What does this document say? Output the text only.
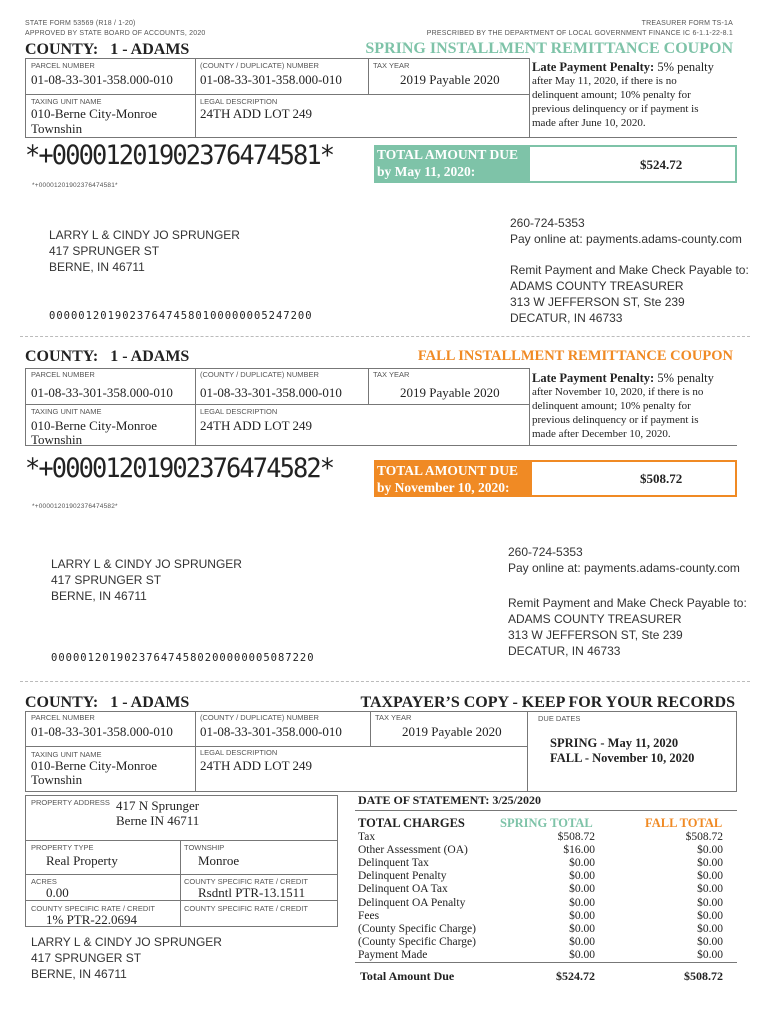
STATE FORM 53569 (R18 / 1-20)
APPROVED BY STATE BOARD OF ACCOUNTS, 2020
TREASURER FORM TS-1A
PRESCRIBED BY THE DEPARTMENT OF LOCAL GOVERNMENT FINANCE IC 6-1.1-22-8.1
COUNTY: 1 - ADAMS	SPRING INSTALLMENT REMITTANCE COUPON
PARCEL NUMBER	(COUNTY / DUPLICATE) NUMBER	TAX YEAR
01-08-33-301-358.000-010 01-08-33-301-358.000-010	2019 Payable 2020
TAXING UNIT NAME	LEGAL DESCRIPTION
010-Berne City-Monroe
Townshin
24TH ADD LOT 249
Late Payment Penalty: 5% penalty
after May 11, 2020, if there is no
delinquent amount; 10% penalty for
previous delinquency or if payment is
made after June 10, 2020.
*+00001201902376474581*
*+00001201902376474581*
TOTAL AMOUNT DUE
by May 11, 2020:	$524.72
LARRY L & CINDY JO SPRUNGER
417 SPRUNGER ST
BERNE, IN 46711
260-724-5353
Pay online at: payments.adams-county.com
Remit Payment and Make Check Payable to:
ADAMS COUNTY TREASURER
313 W JEFFERSON ST, Ste 239
DECATUR, IN 46733
000001201902376474580100000005247200
COUNTY: 1 - ADAMS	FALL INSTALLMENT REMITTANCE COUPON
PARCEL NUMBER	(COUNTY / DUPLICATE) NUMBER	TAX YEAR
01-08-33-301-358.000-010 01-08-33-301-358.000-010	2019 Payable 2020
TAXING UNIT NAME	LEGAL DESCRIPTION
010-Berne City-Monroe
Townshin
24TH ADD LOT 249
Late Payment Penalty: 5% penalty
after November 10, 2020, if there is no
delinquent amount; 10% penalty for
previous delinquency or if payment is
made after December 10, 2020.
*+00001201902376474582*
*+00001201902376474582*
TOTAL AMOUNT DUE
by November 10, 2020:
$508.72
LARRY L & CINDY JO SPRUNGER
417 SPRUNGER ST
BERNE, IN 46711
260-724-5353
Pay online at: payments.adams-county.com
Remit Payment and Make Check Payable to:
ADAMS COUNTY TREASURER
313 W JEFFERSON ST, Ste 239
DECATUR, IN 46733
000001201902376474580200000005087220
COUNTY: 1 - ADAMS	TAXPAYER’S COPY - KEEP FOR YOUR RECORDS
PARCEL NUMBER	(COUNTY / DUPLICATE) NUMBER	TAX YEAR	DUE DATES
01-08-33-301-358.000-010 01-08-33-301-358.000-010	2019 Payable 2020
TAXING UNIT NAME	LEGAL DESCRIPTION
010-Berne City-Monroe
Townshin
24TH ADD LOT 249
SPRING - May 11, 2020
FALL - November 10, 2020
PROPERTY ADDRESS 417 N Sprunger
Berne IN 46711
PROPERTY TYPE	TOWNSHIP
Real Property	Monroe
ACRES	COUNTY SPECIFIC RATE / CREDIT
0.00	Rsdntl PTR-13.1511
COUNTY SPECIFIC RATE / CREDIT	COUNTY SPECIFIC RATE / CREDIT
1% PTR-22.0694
LARRY L & CINDY JO SPRUNGER
417 SPRUNGER ST
BERNE, IN 46711
DATE OF STATEMENT: 3/25/2020
TOTAL CHARGES	SPRING TOTAL	FALL TOTAL
Tax	$508.72	$508.72
Other Assessment (OA)	$16.00	$0.00
Delinquent Tax	$0.00	$0.00
Delinquent Penalty	$0.00	$0.00
Delinquent OA Tax	$0.00	$0.00
Delinquent OA Penalty	$0.00	$0.00
Fees	$0.00	$0.00
(County Specific Charge)	$0.00	$0.00
(County Specific Charge)	$0.00	$0.00
Payment Made	$0.00	$0.00
Total Amount Due	$524.72	$508.72
